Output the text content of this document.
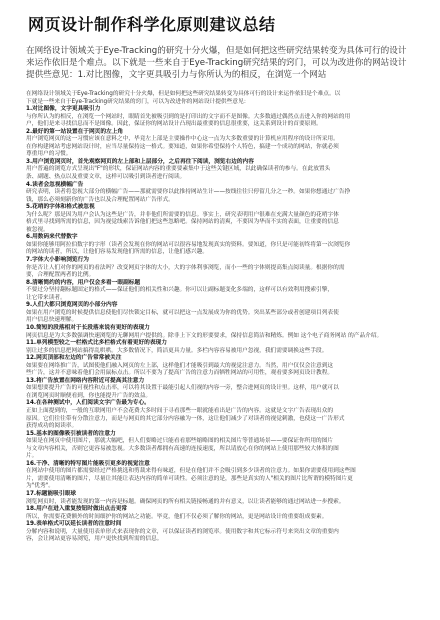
网页设计制作科学化原则建议总结
在网络设计领域关于Eye-Tracking的研究十分火爆，但是如何把这些研究结果转变为具体可行的设计来运作依旧是个难点。以下就是一些来自于Eye-Tracking研究结果的窍门，可以为改进你的网站设计提供些意见：1.对比图像，文字更具吸引力与你所认为的相反，在浏览一个网站

在网络设计领域关于Eye-Tracking的研究十分火爆，但是如何把这些研究结果转变为具体可行的设计来运作依旧是个难点。以

下就是一些来自于Eye-Tracking研究结果的窍门，可以为改进你的网站设计提供些意见：

1.对比图像，文字更具吸引力

与你所认为的相反，在浏览一个网站时，眼睛首先被吸引到的是打印出的文字而不是图像。大多数通过偶然点击进入你的网站的用

户，他们是来寻找信息而不是图像。因此，保证你的网站设计凸现出最重要的信息很重要，这关系到设计的首要原则。

2.最好的第一站设置在于网页的左上角

用户浏览网页的这一习惯应该在意料之中，毕竟左上部是主要操作中心这一点为大多数重要的计算机应用程序的设计所采用。

在你构建网站考虑网站设计时，应当尽量保持这一格式。要知道，如果你希望保持个人特色，搞建一个成功的网站，你就必须

尊重用户的习惯。

3.用户浏览网页时，首先观察网页的左上部和上层部分，之后再往下阅读，浏览右边的内容

用户普遍的浏览方式呈现出"F"的形状，保证网站内容的重要要素集中于这些关键区域，以此确保读者的参与。在此放置头

条、副题、热点以及重要文章，这样可以吸引到读者进行阅读。

4.读者会忽视横幅广告

研究表明，读者将忽视大部分的横幅广告——那就需要你以此推持网站生计——按线往往只停留几分之一秒。如果你想通过广告挣

钱，那么必须刻新你的广告也以及合理配置网站广告形式。

5.花哨的字体和格式被忽视

为什么呢？那是因为用户会认为这些是广告，并非他们所需要的信息。事实上，研究表明用户很难在充满大量颜色的花哨字体

格式里寻找到所需的信息，因为视觉线索告诉他们把这些忽略吧。保持网站的清爽，不要因为华而不实的表面，让重要的信息

被忽视。

6.用数码来代替数字

如果你能够用阿拉伯数字的字形（读者会发现在你的网站可以很容易地发现真实的资料。要知道，你只是可能初终将第一次浏览你

的网站的读者，所以，让他们容易发现他们所需的信息，让他们感兴趣。

7.字体大小影响浏览行为

你是否让人们对你的网页的看法吗？改变网页字体的大小，大的字体利事浏览，而小一些的字体则提高集点阅读量。根据你的需

要，合理配置两者的比例。

8.清晰简约的内容，用户仅会多看一眼副标题

不要过分坚持翻标题固定的格式——保证他们的相关性和兴趣。你可以让副标题变化多端的，这样可以有效利用搜索引擎，

让它带来读者。

9.人们大都只浏览网页的小部分内容

如果在用户浏览的时候提供信息使他们尽快锁定目标，就可以把这一点发展成为你的优势。突出某些部分或者创建项目列表使

用户信息快速理解。

10.简短的段落相对于长段落来说有更好的表现力

网页信息是为大多数强调快速浏览的无聊网用户提供的。除非上下文的形要要求，保持信息简洁和精炼。例如 这个电子商务网站 的产品介绍。

11.单列模型较之一栏格式比多栏格式有着更好的表现力

别让过多的信息把网站搞得乱哄哄。大多数情况下，简洁更具力量。多栏内容容易被用户忽视，我们需要调换这些手段。

12.网页顶部和左边的广告常常被关注

如果要在网络推广告，试图使他们融入网页的左上部，这样他们才能吸引到最大的视觉注意力。当然，用户仅仅会注意到这

些广告，这并不意味着他们会用鼠标点击。所以不要为了提高广告的注意力而牺牲网站的可用性，观看要多网页设计教程。

13.将广告放置在网络内容附近可提高其注意力

如果想要提升广告的可视性和点击率，可以将其设置于最能引起人们视的内容一旁，整合进网页的设计里。这样，用户就可以

在浏览网页时顺便看到，你也能提升广告的效益。

14.在各种测试中，人们阅读文字广告最为专心。

正如上面提到的，一般的互联网用户不会花费大多时间于寻看那些一眼就能看出是广告的内容。这就是文字广告表现出众的

原因。它们往往带有分散注意力，而是与网页的其它部分内容融为一体，这让他们减少了对读者的视觉刺激，也使这一广告形式

获得成功的阅读率。

15.基本的图像吸引被读者的注意力

如果是在网页中使用图片，那就大幅吧，但人们要略过只能看看那些缩略图的相关图片等普通场景——要保证你所用的图片

与文章内容相关，否则它更容易被忽视。大多数读者都拥有高速的连接速度，所以请放心在你的网站上使用那些较大体积的图

片。

16.干净、清晰的特写图片能吸引更多的视觉注意

在网站中使用的图片都需要经过严格挑选和剪裁来得有味道，但是在他们并不会吸引到多少读者的注意力。如果你需要使用到这些图

片，需要使用清晰的图片，尽量让其能让表达内容的简单可读性。必须注意的是，那些是真实的人"相关的图片比所谓的模特图片更

为"优秀"。

17.标题能吸引眼球

浏览网页时，读者能发现的第一内容是标题。确保网页的所有相关链接畅通的并有意义，以让读者能够的通过网站进一步搜索。

18.用户在进入重复按钮时做出点击更常

所以，你需要花费额外的时间细护你的网站之功能。毕竟，他们不仅必须了解你的网站，更是网站设计的重要组成要素。

19.表单格式可以延长读者的注意时间

分解内容和说明，大量使用表单形式来表现你的文章，可以保证读者的浏览率。使用数字和其它标示符号来突出文章的重要内

容，会让网站更容易浏览，用户更快找到所需的信息。
